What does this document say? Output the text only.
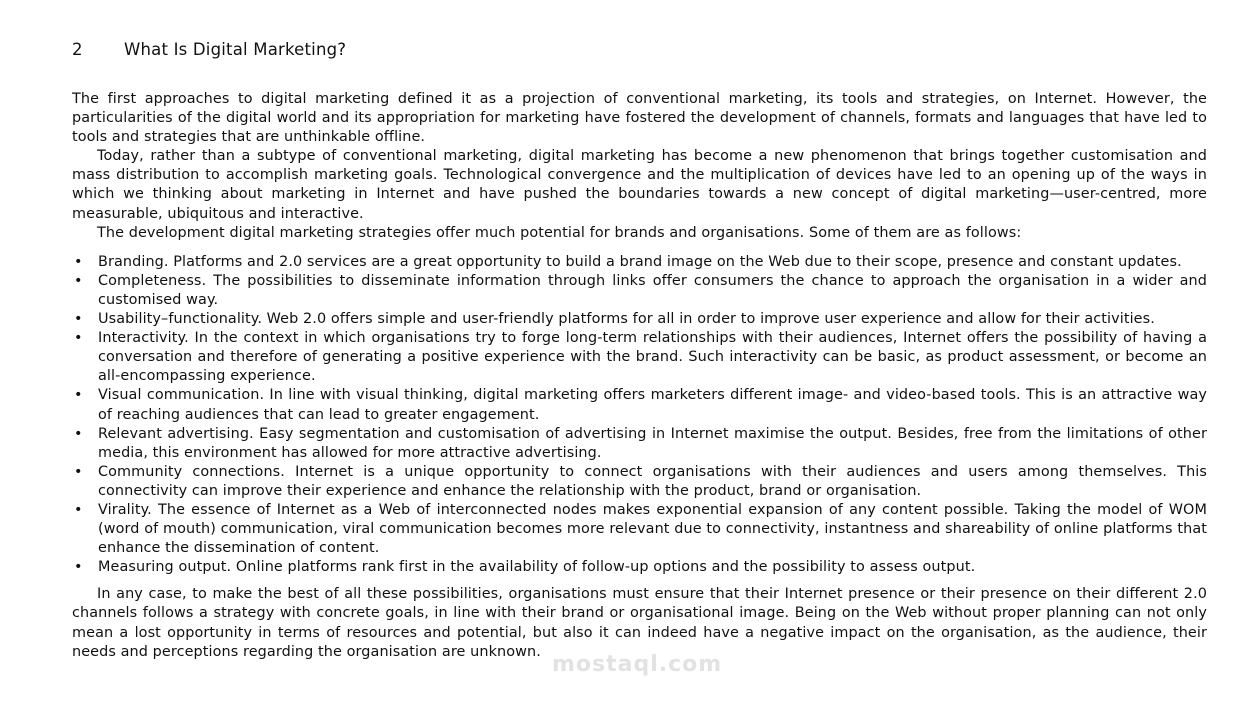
2	What Is Digital Marketing?

The first approaches to digital marketing defined it as a projection of conventional marketing, its tools and strategies, on Internet. However, the particularities of the digital world and its appropriation for marketing have fostered the development of channels, formats and languages that have led to tools and strategies that are unthinkable offline.

Today, rather than a subtype of conventional marketing, digital marketing has become a new phenomenon that brings together customisation and mass distribution to accomplish marketing goals. Technological convergence and the multiplication of devices have led to an opening up of the ways in which we thinking about marketing in Internet and have pushed the boundaries towards a new concept of digital marketing—user-centred, more measurable, ubiquitous and interactive.

The development digital marketing strategies offer much potential for brands and organisations. Some of them are as follows:

• Branding. Platforms and 2.0 services are a great opportunity to build a brand image on the Web due to their scope, presence and constant updates.
• Completeness. The possibilities to disseminate information through links offer consumers the chance to approach the organisation in a wider and customised way.
• Usability–functionality. Web 2.0 offers simple and user-friendly platforms for all in order to improve user experience and allow for their activities.
• Interactivity. In the context in which organisations try to forge long-term relationships with their audiences, Internet offers the possibility of having a conversation and therefore of generating a positive experience with the brand. Such interactivity can be basic, as product assessment, or become an all-encompassing experience.
• Visual communication. In line with visual thinking, digital marketing offers marketers different image- and video-based tools. This is an attractive way of reaching audiences that can lead to greater engagement.
• Relevant advertising. Easy segmentation and customisation of advertising in Internet maximise the output. Besides, free from the limitations of other media, this environment has allowed for more attractive advertising.
• Community connections. Internet is a unique opportunity to connect organisations with their audiences and users among themselves. This connectivity can improve their experience and enhance the relationship with the product, brand or organisation.
• Virality. The essence of Internet as a Web of interconnected nodes makes exponential expansion of any content possible. Taking the model of WOM (word of mouth) communication, viral communication becomes more relevant due to connectivity, instantness and shareability of online platforms that enhance the dissemination of content.
• Measuring output. Online platforms rank first in the availability of follow-up options and the possibility to assess output.

In any case, to make the best of all these possibilities, organisations must ensure that their Internet presence or their presence on their different 2.0 channels follows a strategy with concrete goals, in line with their brand or organisational image. Being on the Web without proper planning can not only mean a lost opportunity in terms of resources and potential, but also it can indeed have a negative impact on the organisation, as the audience, their needs and perceptions regarding the organisation are unknown.

mostaql.com
